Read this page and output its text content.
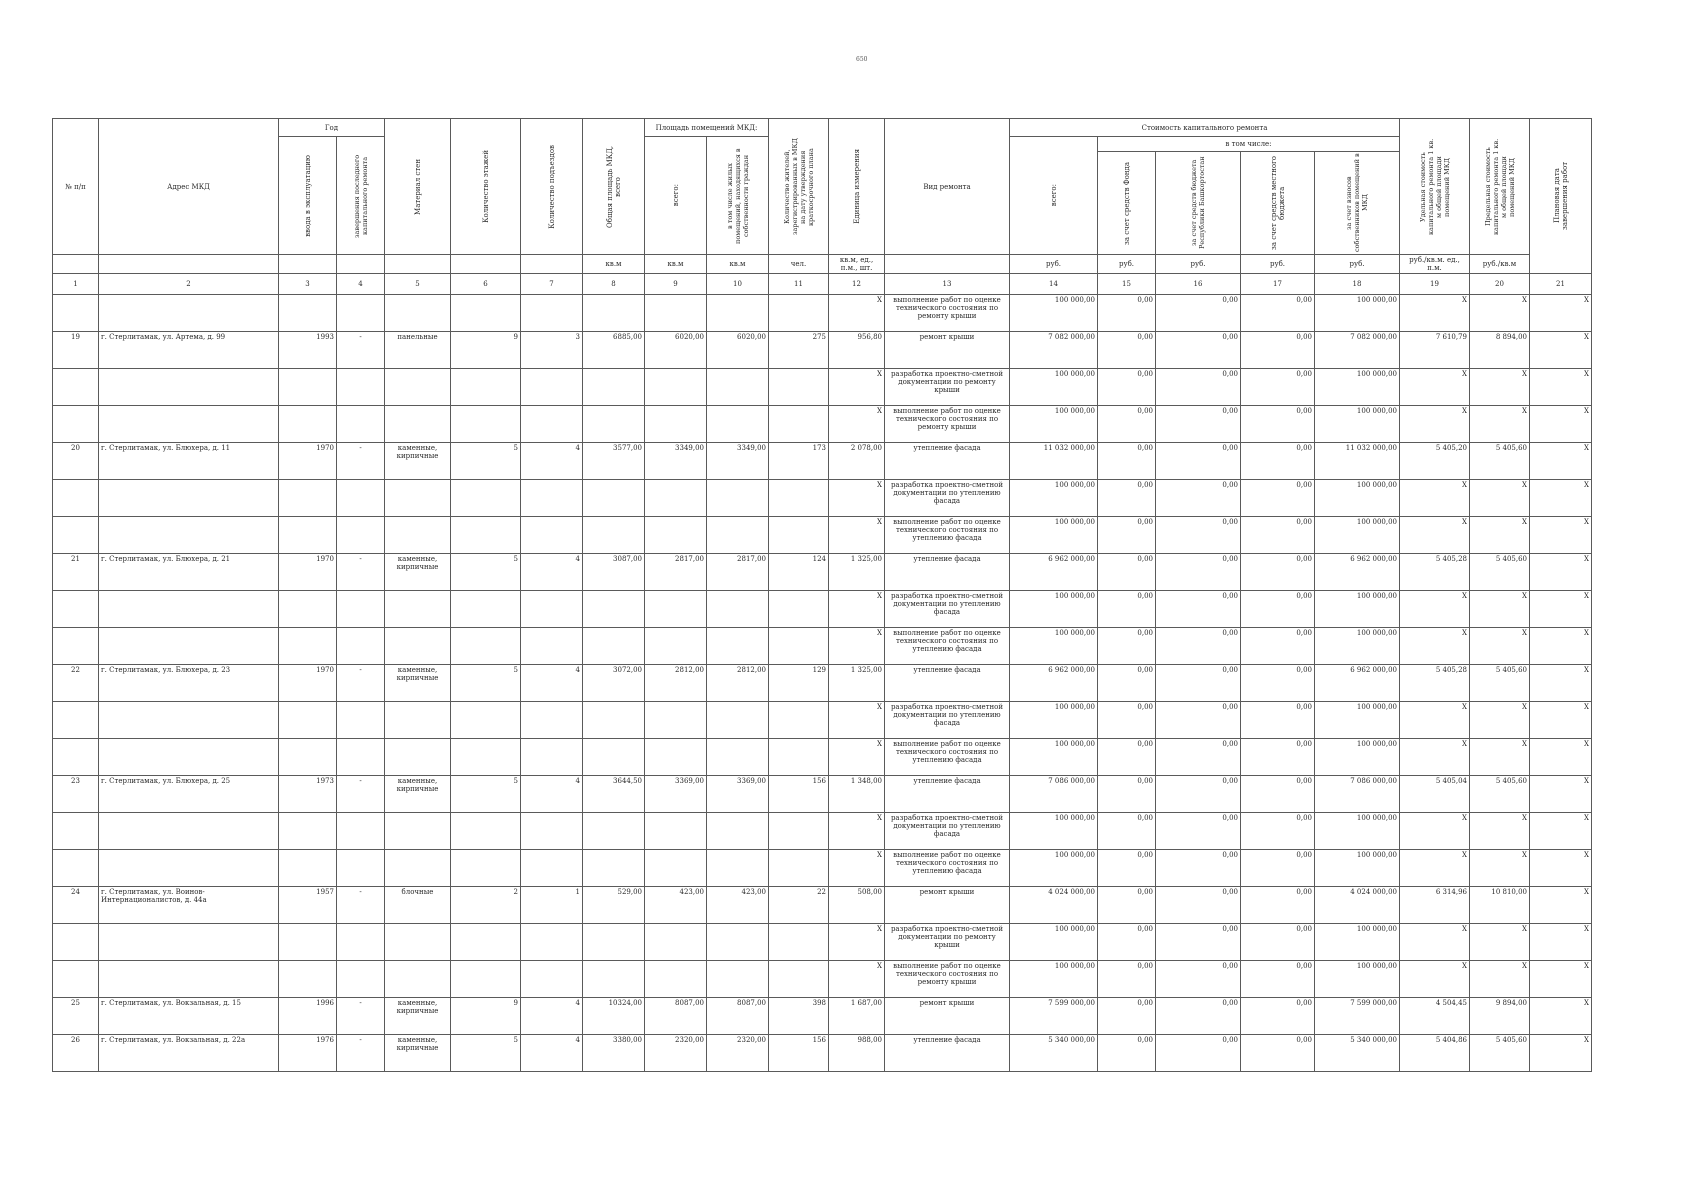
650
№ п/п	Адрес МКД	Год		Материал стен	Количество этажей	Количество подъездов	Общая площадь МКД, всего	Площадь помещений МКД:		Количество жителей, зарегистрированных в МКД на дату утверждения краткосрочного плана	Единица измерения	Вид ремонта	Стоимость капитального ремонта					Удельная стоимость капитального ремонта 1 кв. м общей площади помещений МКД	Предельная стоимость капитального ремонта 1 кв. м общей площади помещений МКД	Плановая дата завершения работ

		ввода в эксплуатацию	завершения последнего капитального ремонта					всего:	в том числе жилых помещений, находящихся в собственности граждан				всего:	в том числе:						

														за счет средств Фонда	за счет средств бюджета Республики Башкортостан	за счет средств местного бюджета	за счет взносов собственников помещений в МКД			

							кв.м	кв.м	кв.м	чел.	кв.м, ед., п.м., шт.		руб.	руб.	руб.	руб.	руб.	руб./кв.м. ед., п.м.	руб./кв.м	
1	2	3	4	5	6	7	8	9	10	11	12	13	14	15	16	17	18	19	20	21
											X	выполнение работ по оценке технического состояния по ремонту крыши	100 000,00	0,00	0,00	0,00	100 000,00	X	X	X
19	г. Стерлитамак, ул. Артема, д. 99	1993	-	панельные	9	3	6885,00	6020,00	6020,00	275	956,80	ремонт крыши	7 082 000,00	0,00	0,00	0,00	7 082 000,00	7 610,79	8 894,00	X
											X	разработка проектно-сметной документации по ремонту крыши	100 000,00	0,00	0,00	0,00	100 000,00	X	X	X
											X	выполнение работ по оценке технического состояния по ремонту крыши	100 000,00	0,00	0,00	0,00	100 000,00	X	X	X
20	г. Стерлитамак, ул. Блюхера, д. 11	1970	-	каменные, кирпичные	5	4	3577,00	3349,00	3349,00	173	2 078,00	утепление фасада	11 032 000,00	0,00	0,00	0,00	11 032 000,00	5 405,20	5 405,60	X
											X	разработка проектно-сметной документации по утеплению фасада	100 000,00	0,00	0,00	0,00	100 000,00	X	X	X
											X	выполнение работ по оценке технического состояния по утеплению фасада	100 000,00	0,00	0,00	0,00	100 000,00	X	X	X
21	г. Стерлитамак, ул. Блюхера, д. 21	1970	-	каменные, кирпичные	5	4	3087,00	2817,00	2817,00	124	1 325,00	утепление фасада	6 962 000,00	0,00	0,00	0,00	6 962 000,00	5 405,28	5 405,60	X
											X	разработка проектно-сметной документации по утеплению фасада	100 000,00	0,00	0,00	0,00	100 000,00	X	X	X
											X	выполнение работ по оценке технического состояния по утеплению фасада	100 000,00	0,00	0,00	0,00	100 000,00	X	X	X
22	г. Стерлитамак, ул. Блюхера, д. 23	1970	-	каменные, кирпичные	5	4	3072,00	2812,00	2812,00	129	1 325,00	утепление фасада	6 962 000,00	0,00	0,00	0,00	6 962 000,00	5 405,28	5 405,60	X
											X	разработка проектно-сметной документации по утеплению фасада	100 000,00	0,00	0,00	0,00	100 000,00	X	X	X
											X	выполнение работ по оценке технического состояния по утеплению фасада	100 000,00	0,00	0,00	0,00	100 000,00	X	X	X
23	г. Стерлитамак, ул. Блюхера, д. 25	1973	-	каменные, кирпичные	5	4	3644,50	3369,00	3369,00	156	1 348,00	утепление фасада	7 086 000,00	0,00	0,00	0,00	7 086 000,00	5 405,04	5 405,60	X
											X	разработка проектно-сметной документации по утеплению фасада	100 000,00	0,00	0,00	0,00	100 000,00	X	X	X
											X	выполнение работ по оценке технического состояния по утеплению фасада	100 000,00	0,00	0,00	0,00	100 000,00	X	X	X
24	г. Стерлитамак, ул. Воинов-Интернационалистов, д. 44а	1957	-	блочные	2	1	529,00	423,00	423,00	22	508,00	ремонт крыши	4 024 000,00	0,00	0,00	0,00	4 024 000,00	6 314,96	10 810,00	X
											X	разработка проектно-сметной документации по ремонту крыши	100 000,00	0,00	0,00	0,00	100 000,00	X	X	X
											X	выполнение работ по оценке технического состояния по ремонту крыши	100 000,00	0,00	0,00	0,00	100 000,00	X	X	X
25	г. Стерлитамак, ул. Вокзальная, д. 15	1996	-	каменные, кирпичные	9	4	10324,00	8087,00	8087,00	398	1 687,00	ремонт крыши	7 599 000,00	0,00	0,00	0,00	7 599 000,00	4 504,45	9 894,00	X
26	г. Стерлитамак, ул. Вокзальная, д. 22а	1976	-	каменные, кирпичные	5	4	3380,00	2320,00	2320,00	156	988,00	утепление фасада	5 340 000,00	0,00	0,00	0,00	5 340 000,00	5 404,86	5 405,60	X
